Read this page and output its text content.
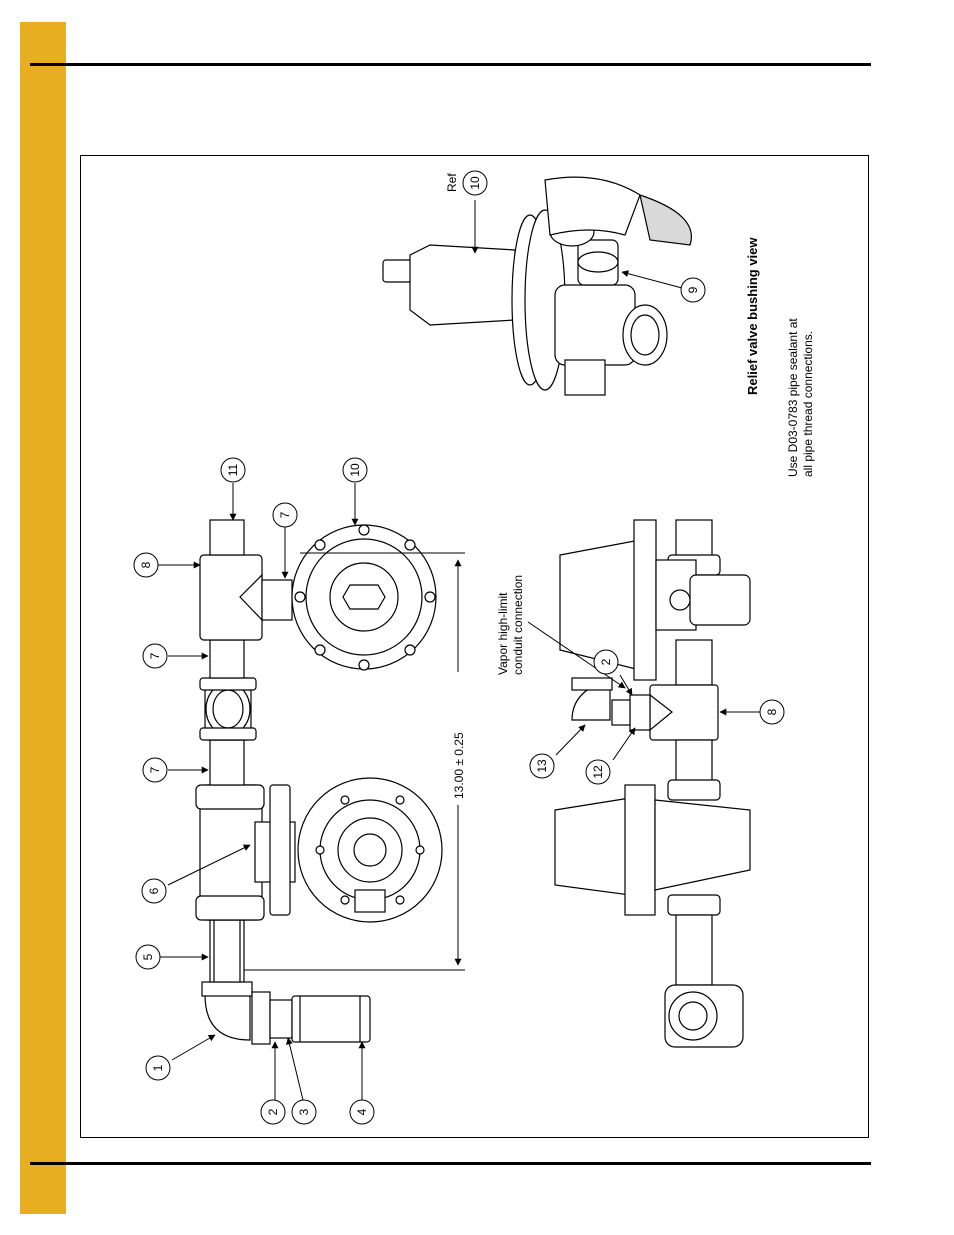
13.00 ± 0.25
1
2 3	4
5
6
7
7
8
11
7
10
10
9
2
13	12
8
Vapor high-limit conduit connection
Ref
Relief valve bushing view
Use D03-0783 pipe sealant at all pipe thread connections.
